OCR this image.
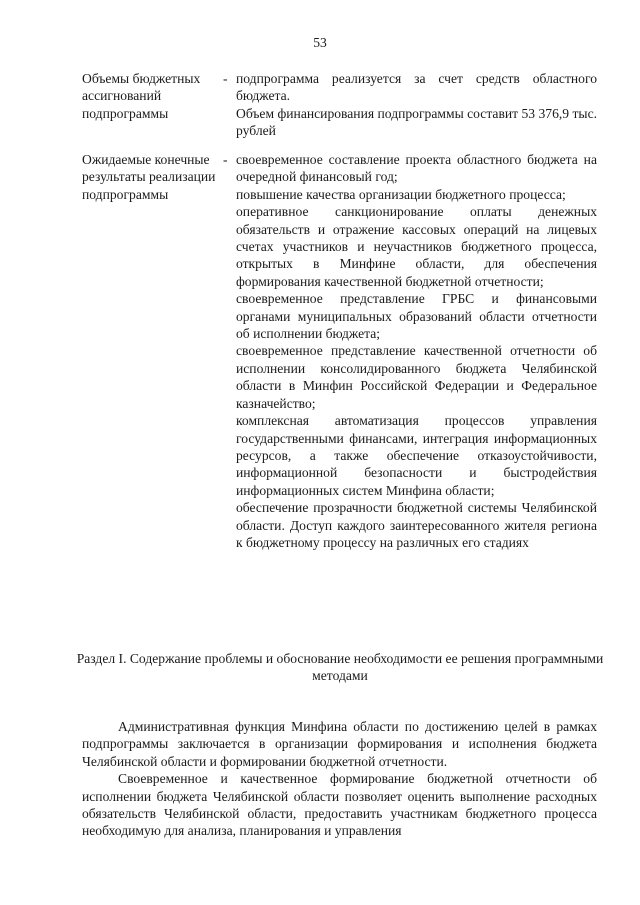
53
Объемы бюджетных ассигнований подпрограммы
- подпрограмма реализуется за счет средств областного бюджета.

Объем финансирования подпрограммы составит 53 376,9 тыс. рублей

Ожидаемые конечные результаты реализации подпрограммы
- своевременное составление проекта областного бюджета на очередной финансовый год;

повышение качества организации бюджетного процесса;

оперативное санкционирование оплаты денежных обязательств и отражение кассовых операций на лицевых счетах участников и неучастников бюджетного процесса, открытых в Минфине области, для обеспечения формирования качественной бюджетной отчетности;

своевременное представление ГРБС и финансовыми органами муниципальных образований области отчетности об исполнении бюджета;

своевременное представление качественной отчетности об исполнении консолидированного бюджета Челябинской области в Минфин Российской Федерации и Федеральное казначейство;

комплексная автоматизация процессов управления государственными финансами, интеграция информационных ресурсов, а также обеспечение отказоустойчивости, информационной безопасности и быстродействия информационных систем Минфина области;

обеспечение прозрачности бюджетной системы Челябинской области. Доступ каждого заинтересованного жителя региона к бюджетному процессу на различных его стадиях

Раздел I. Содержание проблемы и обоснование необходимости ее решения программными методами

Административная функция Минфина области по достижению целей в рамках подпрограммы заключается в организации формирования и исполнения бюджета Челябинской области и формировании бюджетной отчетности.

Своевременное и качественное формирование бюджетной отчетности об исполнении бюджета Челябинской области позволяет оценить выполнение расходных обязательств Челябинской области, предоставить участникам бюджетного процесса необходимую для анализа, планирования и управления
